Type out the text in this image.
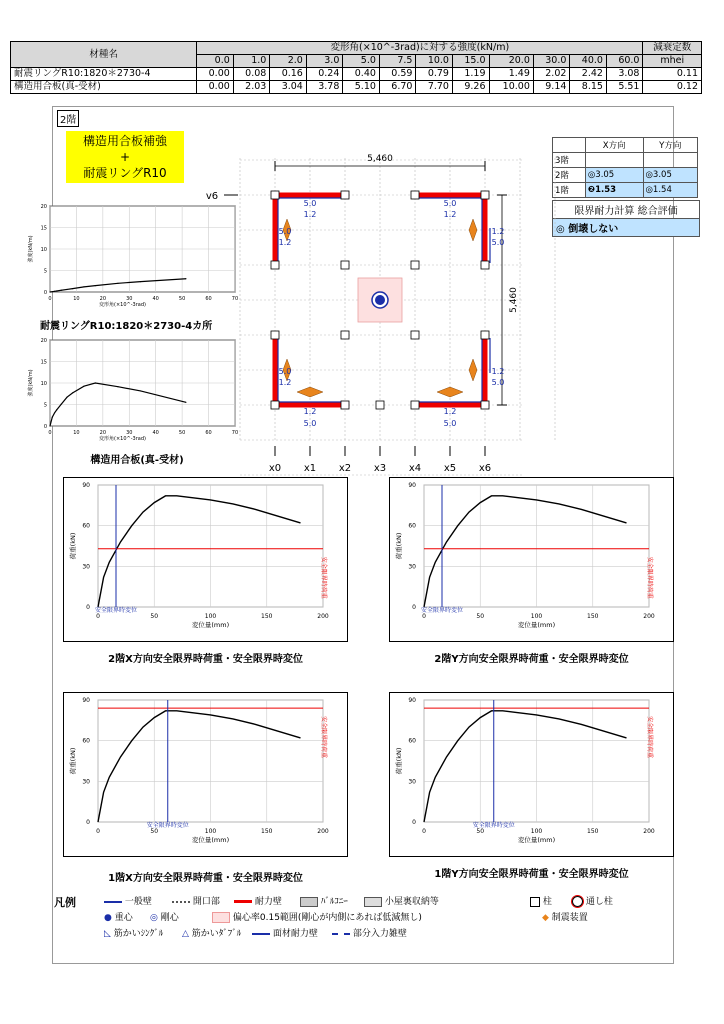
材種名	変形角(×10^-3rad)に対する強度(kN/m)												減衰定数
	0.0	1.0	2.0	3.0	5.0	7.5	10.0	15.0	20.0	30.0	40.0	60.0	mhei
耐震リングR10:1820＊2730-4	0.00	0.08	0.16	0.24	0.40	0.59	0.79	1.19	1.49	2.02	2.42	3.08	0.11
構造用合板(真-受材)	0.00	2.03	3.04	3.78	5.10	6.70	7.70	9.26	10.00	9.14	8.15	5.51	0.12
2階
構造用合板補強
+
耐震リングR10
	X方向	Y方向
3階		
2階	◎3.05	◎3.05
1階	❷1.53	◎1.54
限界耐力計算 総合評価
◎ 倒壊しない
0
5
10
15
20
0	10	20	30	40	50	60	70
変形角(×10^-3rad)
強度(kN/m)
耐震リングR10:1820＊2730-4カ所
0
5
10
15
20
0	10	20	30	40	50	60	70
変形角(×10^-3rad)
強度(kN/m)
構造用合板(真-受材)
5,460
5,460
v6
x0 x1 x2 x3 x4 x5 x6
5.0
1.2
5.0
1.2
5.0
1.2
1.2
5.0
5.0
1.2
1.2
5.0
1.2
5.0
1.2
5.0
0
30
60
90
0	50	100	150	200
安全限界時変位
変位量(mm)
荷重(kN)
安全限界時荷重
2階X方向安全限界時荷重・安全限界時変位
0
30
60
90
0	50	100	150	200
安全限界時変位
変位量(mm)
荷重(kN)
安全限界時荷重
2階Y方向安全限界時荷重・安全限界時変位
0
30
60
90
0	50	100	150	200
安全限界時変位
変位量(mm)
荷重(kN)
安全限界時荷重
1階X方向安全限界時荷重・安全限界時変位
0
30
60
90
0	50	100	150	200
安全限界時変位
変位量(mm)
荷重(kN)
安全限界時荷重
1階Y方向安全限界時荷重・安全限界時変位
凡例	一般壁	開口部	耐力壁	ﾊﾞﾙｺﾆｰ	小屋裏収納等	柱	通し柱
● 重心 ◎ 剛心	偏心率0.15範囲(剛心が内側にあれば低減無し)	◆ 制震装置
◺ 筋かいｼﾝｸﾞﾙ △ 筋かいﾀﾞﾌﾞﾙ	面材耐力壁	部分入力雑壁
